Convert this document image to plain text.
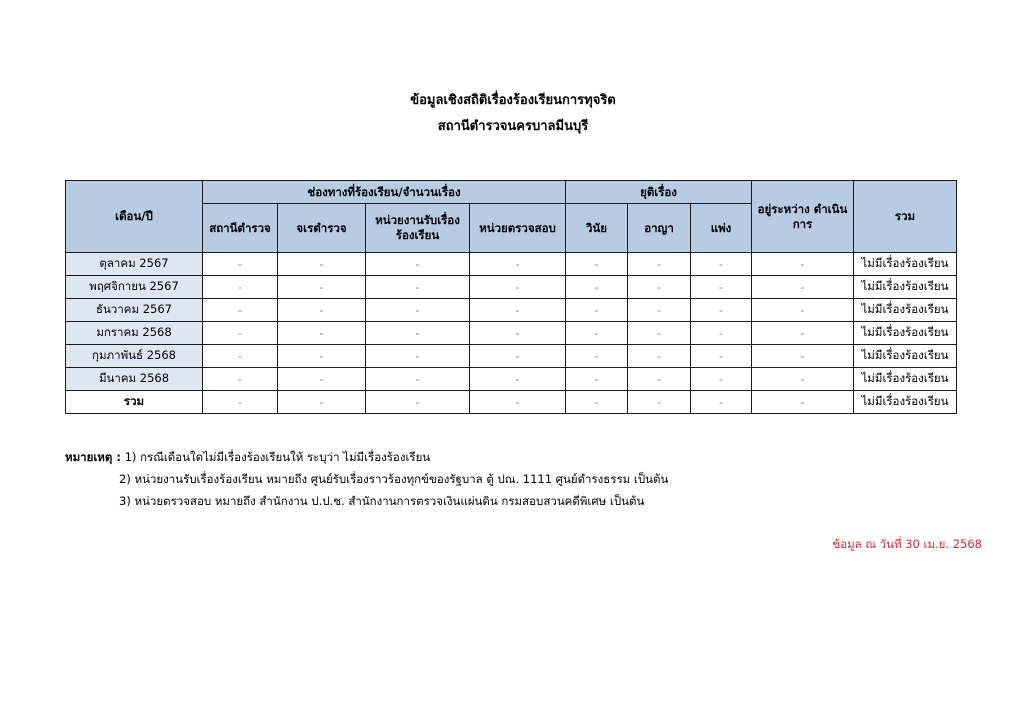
ข้อมูลเชิงสถิติเรื่องร้องเรียนการทุจริต
สถานีตำรวจนครบาลมีนบุรี
เดือน/ปี	ช่องทางที่ร้องเรียน/จำนวนเรื่อง				ยุติเรื่อง			อยู่ระหว่าง ดำเนินการ	รวม
	สถานีตำรวจ	จเรตำรวจ	หน่วยงานรับเรื่อง ร้องเรียน	หน่วยตรวจสอบ	วินัย	อาญา	แพ่ง		
ตุลาคม 2567	-	-	-	-	-	-	-	-	ไม่มีเรื่องร้องเรียน
พฤศจิกายน 2567	-	-	-	-	-	-	-	-	ไม่มีเรื่องร้องเรียน
ธันวาคม 2567	-	-	-	-	-	-	-	-	ไม่มีเรื่องร้องเรียน
มกราคม 2568	-	-	-	-	-	-	-	-	ไม่มีเรื่องร้องเรียน
กุมภาพันธ์ 2568	-	-	-	-	-	-	-	-	ไม่มีเรื่องร้องเรียน
มีนาคม 2568	-	-	-	-	-	-	-	-	ไม่มีเรื่องร้องเรียน
รวม	-	-	-	-	-	-	-	-	ไม่มีเรื่องร้องเรียน
หมายเหตุ : 1) กรณีเดือนใดไม่มีเรื่องร้องเรียนให้ ระบุว่า ไม่มีเรื่องร้องเรียน
2) หน่วยงานรับเรื่องร้องเรียน หมายถึง ศูนย์รับเรื่องราวร้องทุกข์ของรัฐบาล ตู้ ปณ. 1111 ศูนย์ดำรงธรรม เป็นต้น
3) หน่วยตรวจสอบ หมายถึง สำนักงาน ป.ป.ช. สำนักงานการตรวจเงินแผ่นดิน กรมสอบสวนคดีพิเศษ เป็นต้น
ข้อมูล ณ วันที่ 30 เม.ย. 2568
